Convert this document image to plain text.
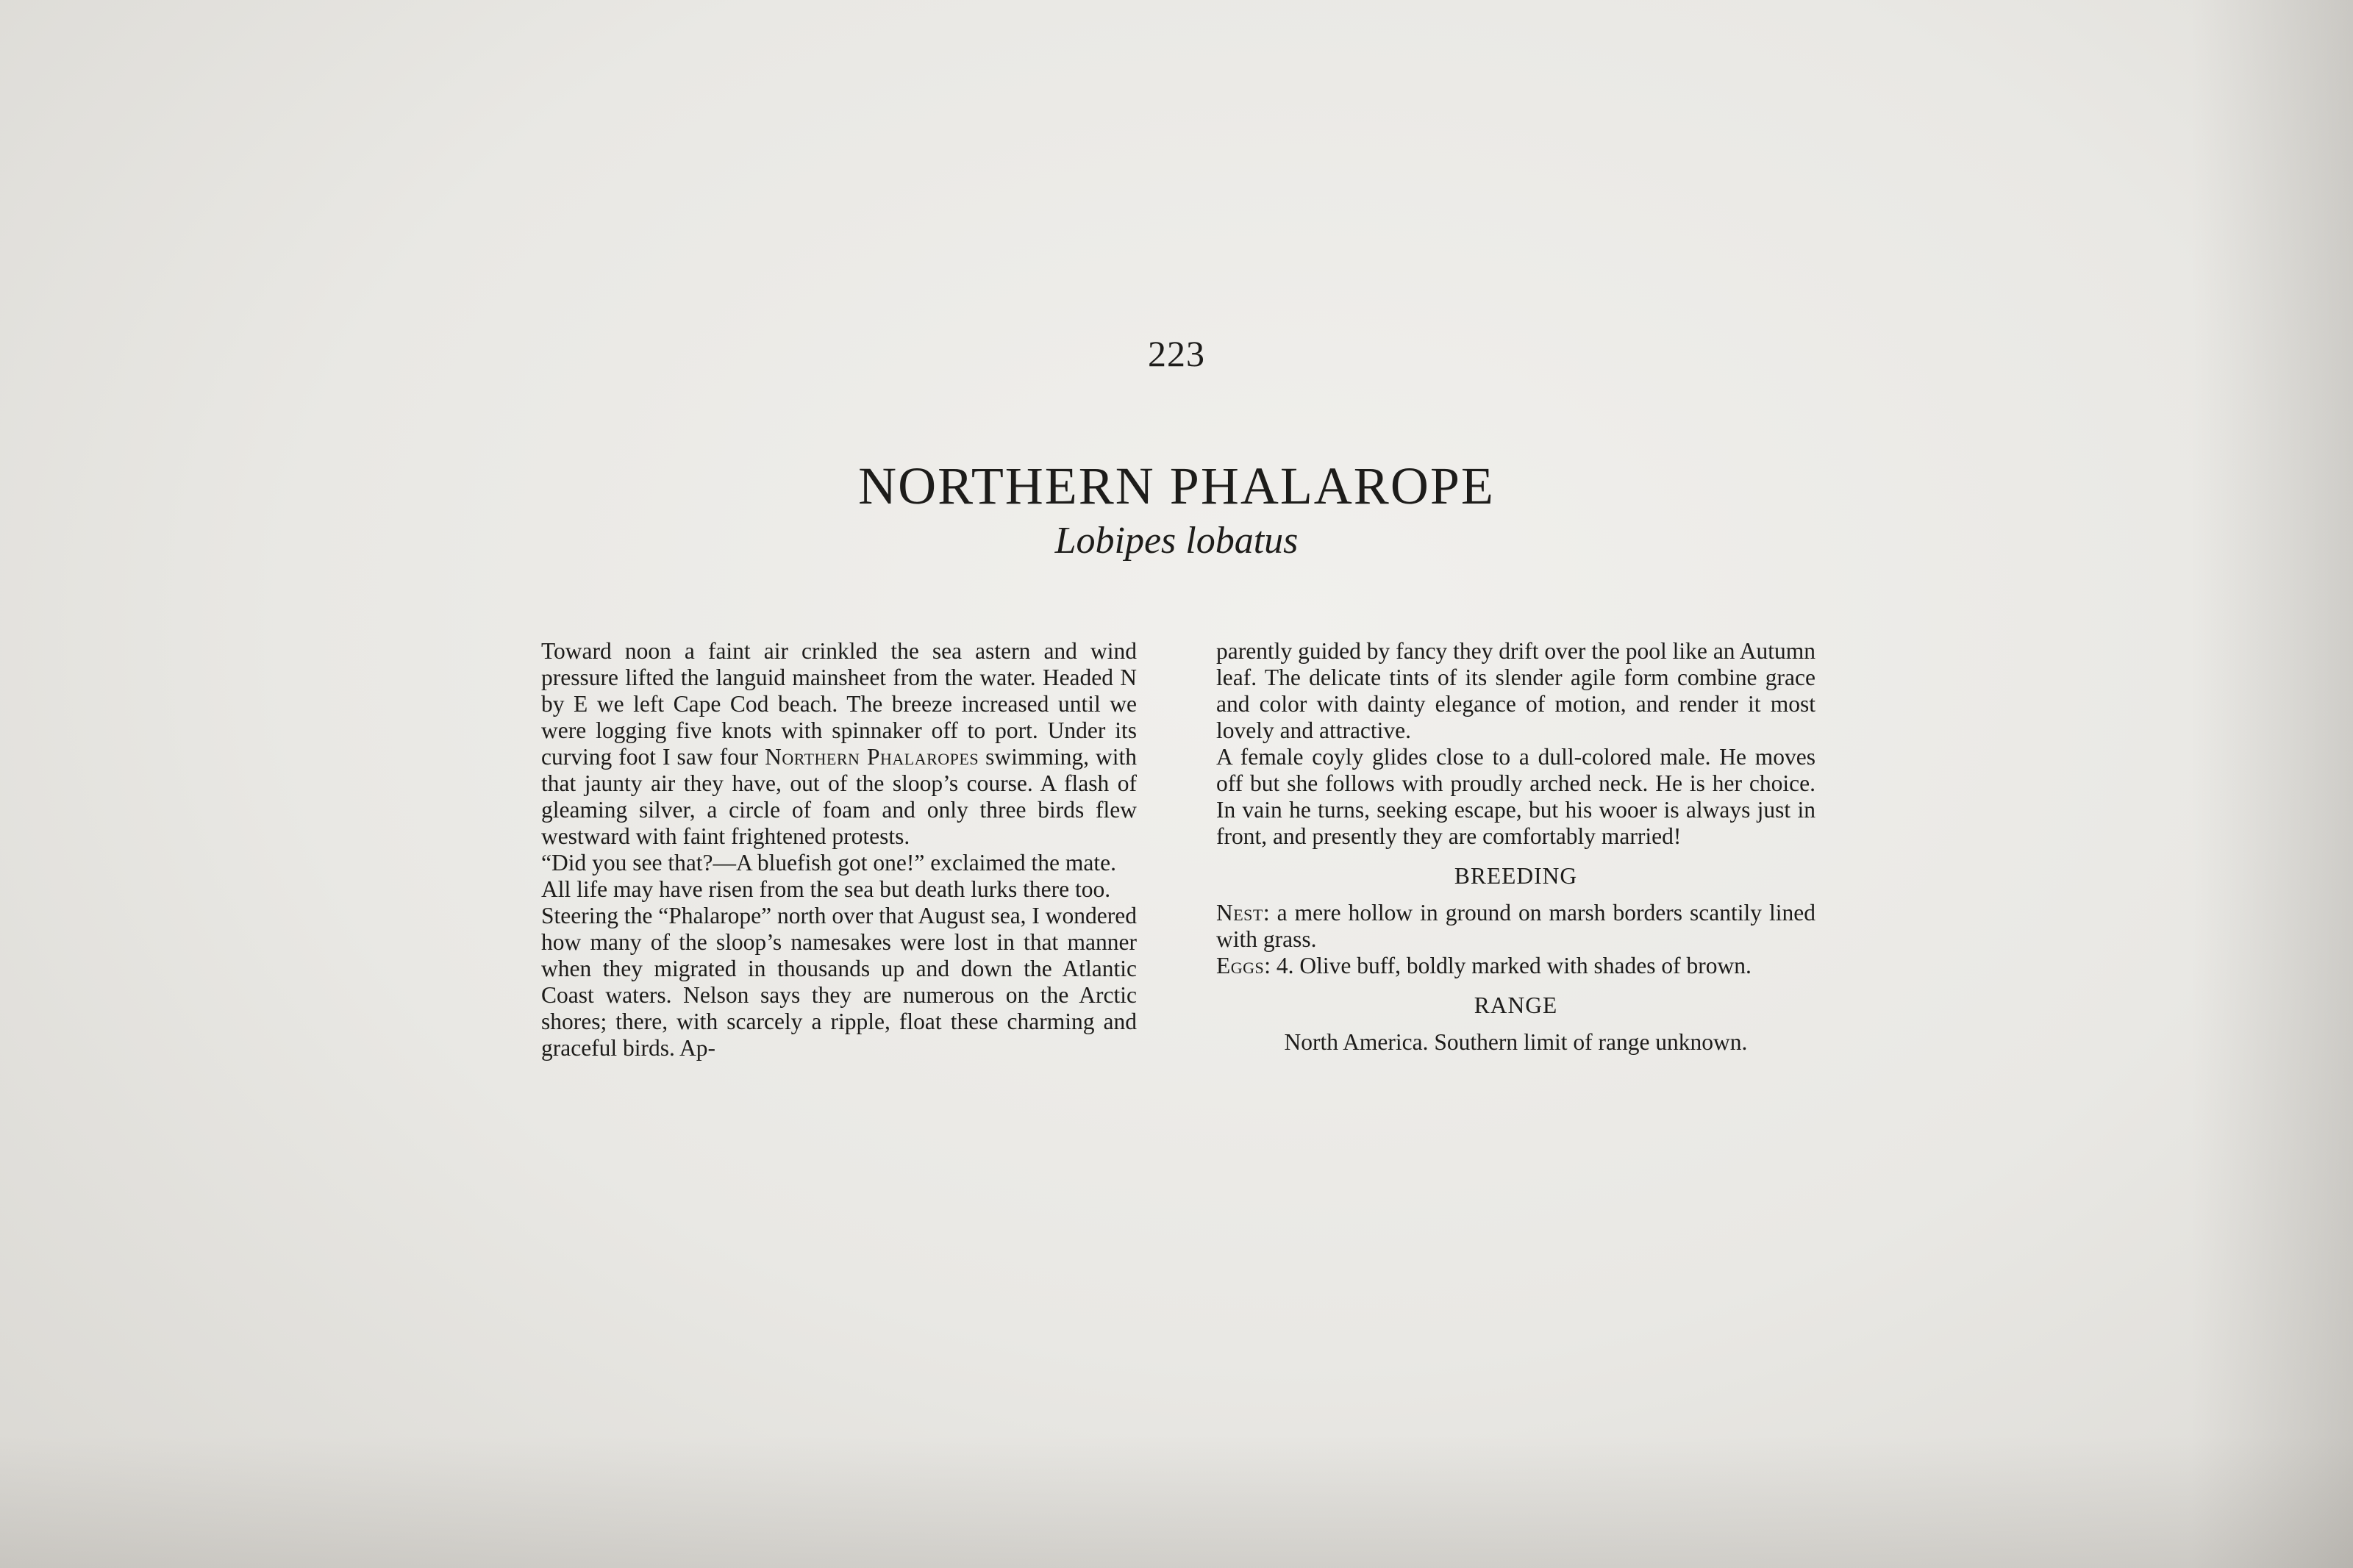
223
NORTHERN PHALAROPE
Lobipes lobatus

Toward noon a faint air crinkled the sea astern and wind pressure lifted the languid mainsheet from the water. Headed N by E we left Cape Cod beach. The breeze increased until we were logging five knots with spinnaker off to port. Under its curving foot I saw four Northern Phalaropes swimming, with that jaunty air they have, out of the sloop’s course. A flash of gleaming silver, a circle of foam and only three birds flew westward with faint frightened protests.

“Did you see that?—A bluefish got one!” exclaimed the mate.

All life may have risen from the sea but death lurks there too.

Steering the “Phalarope” north over that August sea, I wondered how many of the sloop’s namesakes were lost in that manner when they migrated in thousands up and down the Atlantic Coast waters. Nelson says they are numerous on the Arctic shores; there, with scarcely a ripple, float these charming and graceful birds. Ap-

parently guided by fancy they drift over the pool like an Autumn leaf. The delicate tints of its slender agile form combine grace and color with dainty elegance of motion, and render it most lovely and attractive.

A female coyly glides close to a dull-colored male. He moves off but she follows with proudly arched neck. He is her choice. In vain he turns, seeking escape, but his wooer is always just in front, and presently they are comfortably married!

BREEDING

Nest: a mere hollow in ground on marsh borders scantily lined with grass.

Eggs: 4. Olive buff, boldly marked with shades of brown.

RANGE

North America. Southern limit of range unknown.
